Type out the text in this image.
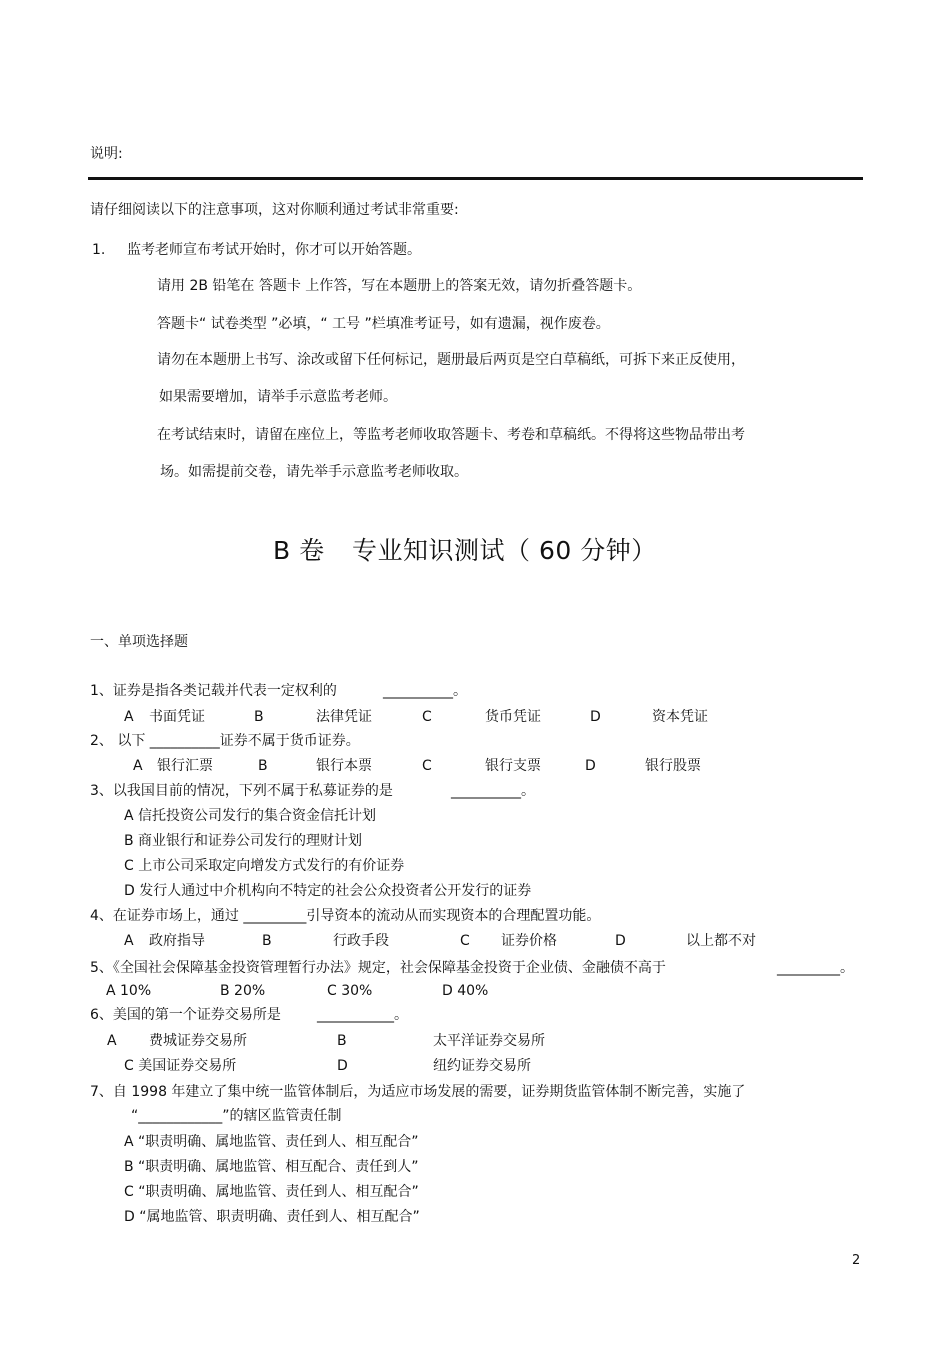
说明:
请仔细阅读以下的注意事项，这对你顺利通过考试非常重要:
1. 监考老师宣布考试开始时，你才可以开始答题。
请用 2B 铅笔在 答题卡 上作答，写在本题册上的答案无效，请勿折叠答题卡。
答题卡“ 试卷类型 ”必填，“ 工号 ”栏填准考证号，如有遗漏，视作废卷。
请勿在本题册上书写、涂改或留下任何标记，题册最后两页是空白草稿纸，可拆下来正反使用，
如果需要增加，请举手示意监考老师。
在考试结束时，请留在座位上，等监考老师收取答题卡、考卷和草稿纸。不得将这些物品带出考
场。如需提前交卷，请先举手示意监考老师收取。
B 卷 专业知识测试（ 60 分钟）
一、单项选择题
1、证券是指各类记载并代表一定权利的	__________。
A 书面凭证	B	法律凭证	C	货币凭证	D	资本凭证
2、 以下 __________证券不属于货币证券。
A 银行汇票	B	银行本票	C	银行支票	D	银行股票
3、以我国目前的情况，下列不属于私募证券的是	__________。
A 信托投资公司发行的集合资金信托计划
B 商业银行和证券公司发行的理财计划
C 上市公司采取定向增发方式发行的有价证券
D 发行人通过中介机构向不特定的社会公众投资者公开发行的证券
4、在证券市场上，通过 _________引导资本的流动从而实现资本的合理配置功能。
A 政府指导	B	行政手段	C 证券价格	D	以上都不对
5、《全国社会保障基金投资管理暂行办法》规定，社会保障基金投资于企业债、金融债不高于	_________。
A 10%	B 20%	C 30%	D 40%
6、美国的第一个证券交易所是	___________。
A 费城证券交易所	B	太平洋证券交易所
C 美国证券交易所	D	纽约证券交易所
7、自 1998 年建立了集中统一监管体制后，为适应市场发展的需要，证券期货监管体制不断完善，实施了
“____________”的辖区监管责任制
A “职责明确、属地监管、责任到人、相互配合”
B “职责明确、属地监管、相互配合、责任到人”
C “职责明确、属地监管、责任到人、相互配合”
D “属地监管、职责明确、责任到人、相互配合”
2
